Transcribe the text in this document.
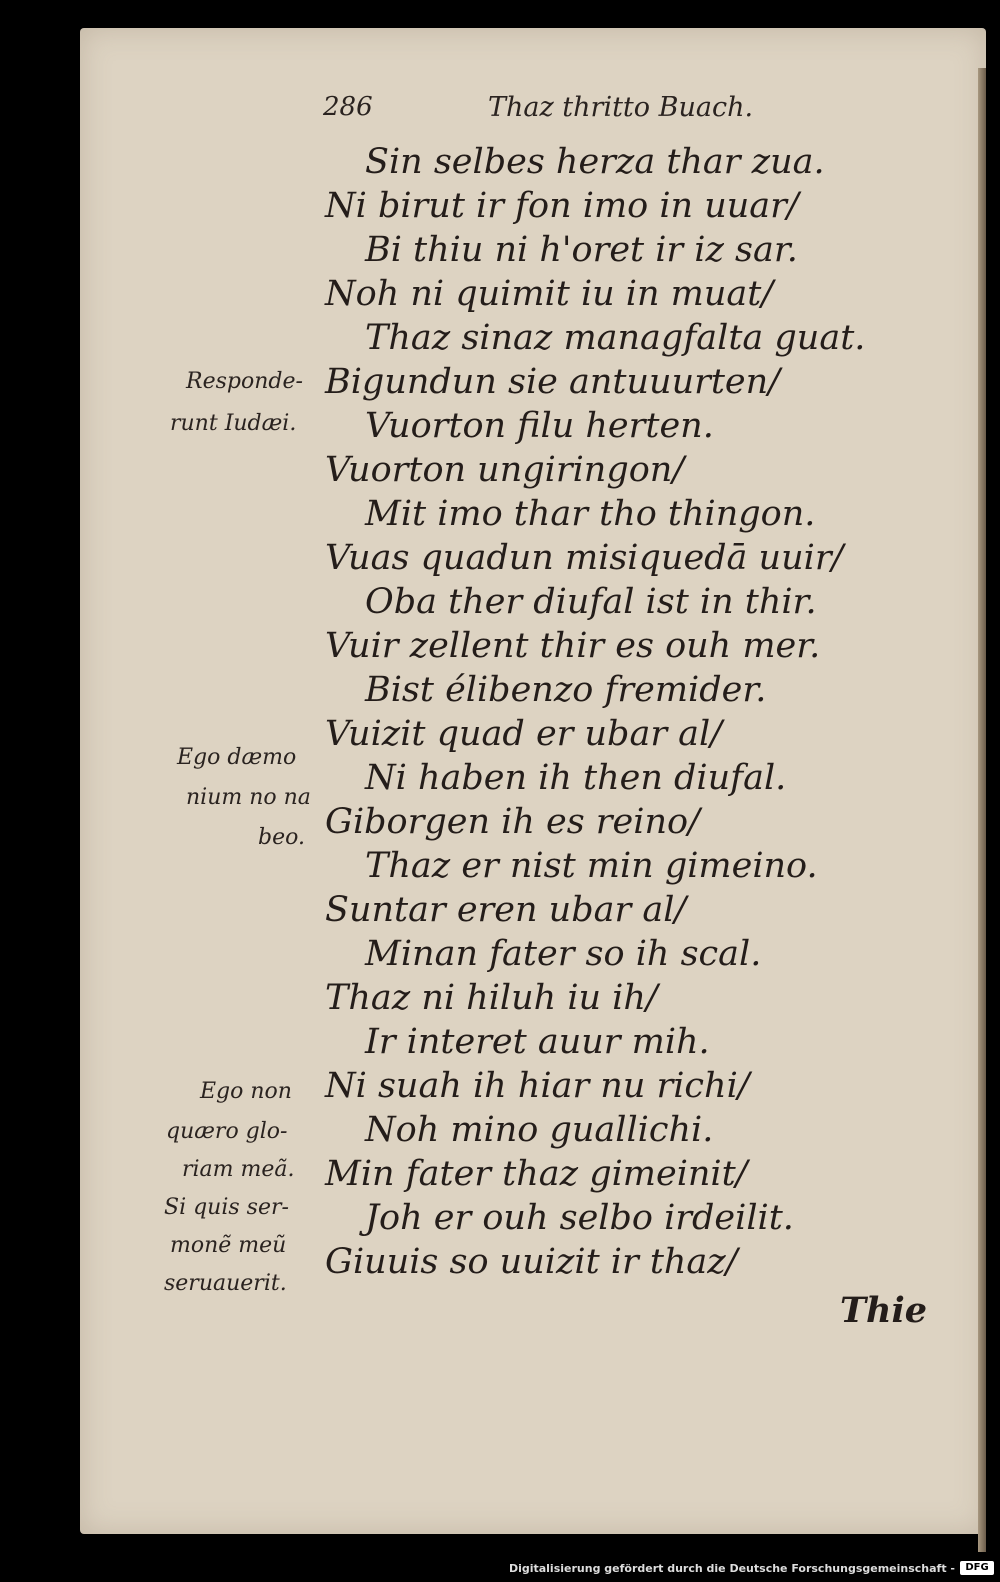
286	Thaz thritto Buach.
Sin selbes herza thar zua.
Ni birut ir fon imo in uuar/
Bi thiu ni h'oret ir iz sar.
Noh ni quimit iu in muat/
Thaz sinaz managfalta guat.
Bigundun sie antuuurten/
Vuorton filu herten.
Vuorton ungiringon/
Mit imo thar tho thingon.
Vuas quadun misiquedā uuir/
Oba ther diufal ist in thir.
Vuir zellent thir es ouh mer.
Bist élibenzo fremider.
Vuizit quad er ubar al/
Ni haben ih then diufal.
Giborgen ih es reino/
Thaz er nist min gimeino.
Suntar eren ubar al/
Minan fater so ih scal.
Thaz ni hiluh iu ih/
Ir interet auur mih.
Ni suah ih hiar nu richi/
Noh mino guallichi.
Min fater thaz gimeinit/
Joh er ouh selbo irdeilit.
Giuuis so uuizit ir thaz/
Responde-
runt Iudæi.
Ego dæmo
nium no na
beo.
Ego non
quæro glo-
riam meã.
Si quis ser-
monẽ meũ
seruauerit.
Thie
Digitalisierung gefördert durch die Deutsche Forschungsgemeinschaft -	DFG
